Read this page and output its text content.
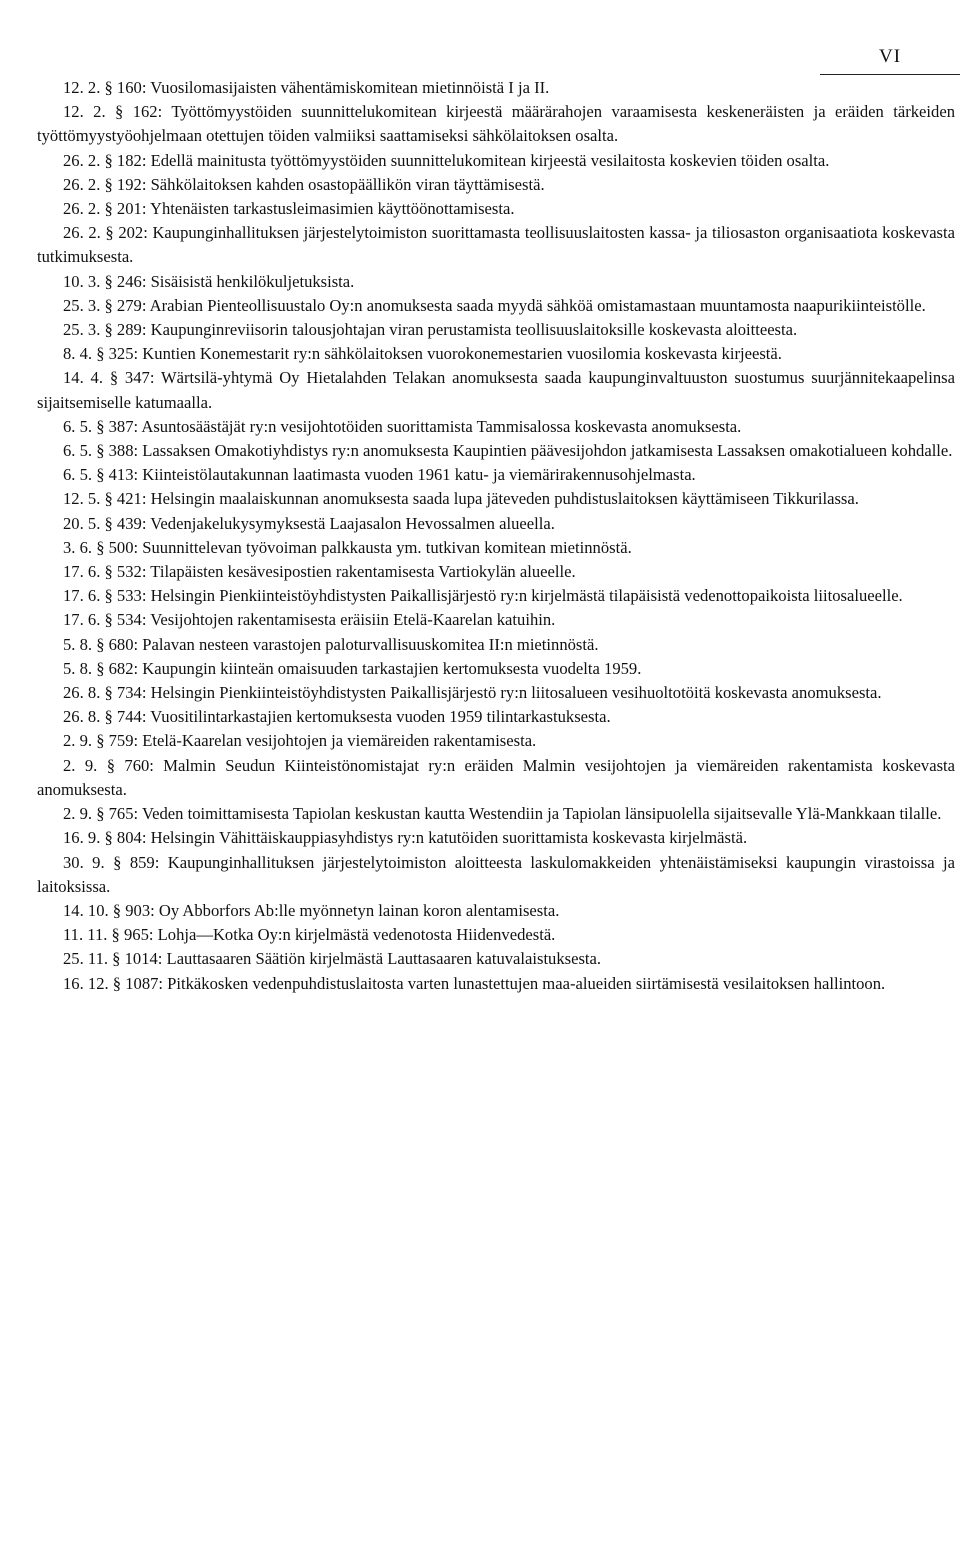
VI

12. 2. § 160: Vuosilomasijaisten vähentämiskomitean mietinnöistä I ja II.

12. 2. § 162: Työttömyystöiden suunnittelukomitean kirjeestä määrärahojen varaamisesta keskeneräisten ja eräiden tärkeiden työttömyystyöohjelmaan otettujen töiden valmiiksi saattamiseksi sähkölaitoksen osalta.

26. 2. § 182: Edellä mainitusta työttömyystöiden suunnittelukomitean kirjeestä vesilaitosta koskevien töiden osalta.

26. 2. § 192: Sähkölaitoksen kahden osastopäällikön viran täyttämisestä.

26. 2. § 201: Yhtenäisten tarkastusleimasimien käyttöönottamisesta.

26. 2. § 202: Kaupunginhallituksen järjestelytoimiston suorittamasta teollisuuslaitosten kassa- ja tiliosaston organisaatiota koskevasta tutkimuksesta.

10. 3. § 246: Sisäisistä henkilökuljetuksista.

25. 3. § 279: Arabian Pienteollisuustalo Oy:n anomuksesta saada myydä sähköä omistamastaan muuntamosta naapurikiinteistölle.

25. 3. § 289: Kaupunginreviisorin talousjohtajan viran perustamista teollisuuslaitoksille koskevasta aloitteesta.

8. 4. § 325: Kuntien Konemestarit ry:n sähkölaitoksen vuorokonemestarien vuosilomia koskevasta kirjeestä.

14. 4. § 347: Wärtsilä-yhtymä Oy Hietalahden Telakan anomuksesta saada kaupunginvaltuuston suostumus suurjännitekaapelinsa sijaitsemiselle katumaalla.

6. 5. § 387: Asuntosäästäjät ry:n vesijohtotöiden suorittamista Tammisalossa koskevasta anomuksesta.

6. 5. § 388: Lassaksen Omakotiyhdistys ry:n anomuksesta Kaupintien päävesijohdon jatkamisesta Lassaksen omakotialueen kohdalle.

6. 5. § 413: Kiinteistölautakunnan laatimasta vuoden 1961 katu- ja viemärirakennusohjelmasta.

12. 5. § 421: Helsingin maalaiskunnan anomuksesta saada lupa jäteveden puhdistuslaitoksen käyttämiseen Tikkurilassa.

20. 5. § 439: Vedenjakelukysymyksestä Laajasalon Hevossalmen alueella.

3. 6. § 500: Suunnittelevan työvoiman palkkausta ym. tutkivan komitean mietinnöstä.

17. 6. § 532: Tilapäisten kesävesipostien rakentamisesta Vartiokylän alueelle.

17. 6. § 533: Helsingin Pienkiinteistöyhdistysten Paikallisjärjestö ry:n kirjelmästä tilapäisistä vedenottopaikoista liitosalueelle.

17. 6. § 534: Vesijohtojen rakentamisesta eräisiin Etelä-Kaarelan katuihin.

5. 8. § 680: Palavan nesteen varastojen paloturvallisuuskomitea II:n mietinnöstä.

5. 8. § 682: Kaupungin kiinteän omaisuuden tarkastajien kertomuksesta vuodelta 1959.

26. 8. § 734: Helsingin Pienkiinteistöyhdistysten Paikallisjärjestö ry:n liitosalueen vesihuoltotöitä koskevasta anomuksesta.

26. 8. § 744: Vuositilintarkastajien kertomuksesta vuoden 1959 tilintarkastuksesta.

2. 9. § 759: Etelä-Kaarelan vesijohtojen ja viemäreiden rakentamisesta.

2. 9. § 760: Malmin Seudun Kiinteistönomistajat ry:n eräiden Malmin vesijohtojen ja viemäreiden rakentamista koskevasta anomuksesta.

2. 9. § 765: Veden toimittamisesta Tapiolan keskustan kautta Westendiin ja Tapiolan länsipuolella sijaitsevalle Ylä-Mankkaan tilalle.

16. 9. § 804: Helsingin Vähittäiskauppiasyhdistys ry:n katutöiden suorittamista koskevasta kirjelmästä.

30. 9. § 859: Kaupunginhallituksen järjestelytoimiston aloitteesta laskulomakkeiden yhtenäistämiseksi kaupungin virastoissa ja laitoksissa.

14. 10. § 903: Oy Abborfors Ab:lle myönnetyn lainan koron alentamisesta.

11. 11. § 965: Lohja—Kotka Oy:n kirjelmästä vedenotosta Hiidenvedestä.

25. 11. § 1014: Lauttasaaren Säätiön kirjelmästä Lauttasaaren katuvalaistuksesta.

16. 12. § 1087: Pitkäkosken vedenpuhdistuslaitosta varten lunastettujen maa-alueiden siirtämisestä vesilaitoksen hallintoon.
